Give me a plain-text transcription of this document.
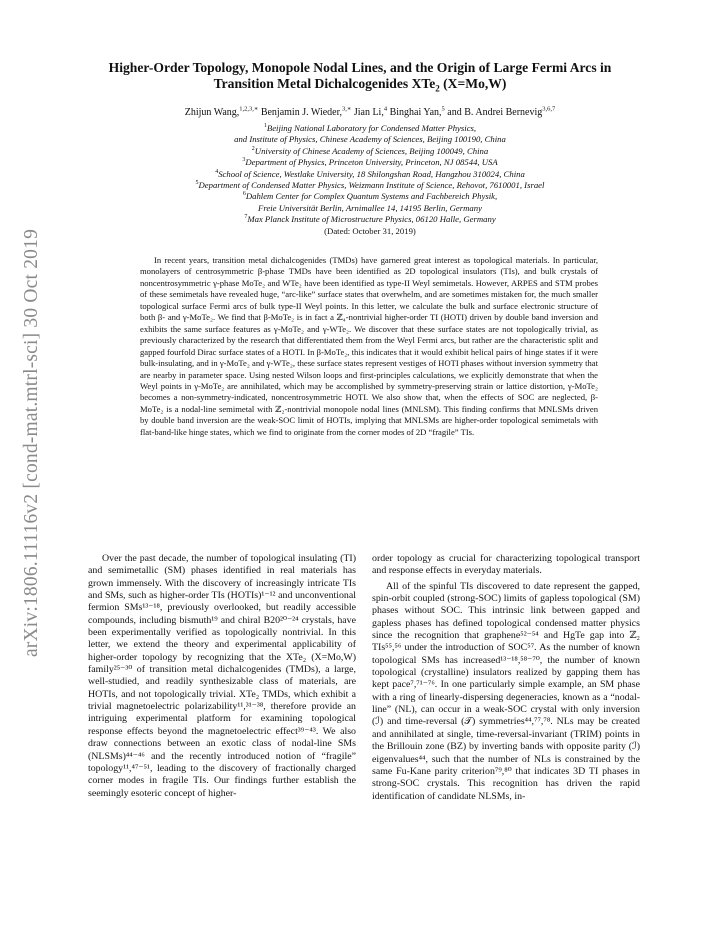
arXiv:1806.11116v2 [cond-mat.mtrl-sci] 30 Oct 2019
Higher-Order Topology, Monopole Nodal Lines, and the Origin of Large Fermi Arcs in
Transition Metal Dichalcogenides XTe$_2$ (X=Mo,W)

Zhijun Wang,$^{1,2,3,∗}$ Benjamin J. Wieder,$^{3,∗}$ Jian Li,$^4$ Binghai Yan,$^5$ and B. Andrei Bernevig$^{3,6,7}$

$^1$Beijing National Laboratory for Condensed Matter Physics,
and Institute of Physics, Chinese Academy of Sciences, Beijing 100190, China
$^2$University of Chinese Academy of Sciences, Beijing 100049, China
$^3$Department of Physics, Princeton University, Princeton, NJ 08544, USA
$^4$School of Science, Westlake University, 18 Shilongshan Road, Hangzhou 310024, China
$^5$Department of Condensed Matter Physics, Weizmann Institute of Science, Rehovot, 7610001, Israel
$^6$Dahlem Center for Complex Quantum Systems and Fachbereich Physik,
Freie Universität Berlin, Arnimallee 14, 14195 Berlin, Germany
$^7$Max Planck Institute of Microstructure Physics, 06120 Halle, Germany
(Dated: October 31, 2019)

In recent years, transition metal dichalcogenides (TMDs) have garnered great interest as topological materials. In particular, monolayers of centrosymmetric β-phase TMDs have been identified as 2D topological insulators (TIs), and bulk crystals of noncentrosymmetric γ-phase MoTe₂ and WTe₂ have been identified as type-II Weyl semimetals. However, ARPES and STM probes of these semimetals have revealed huge, “arc-like” surface states that overwhelm, and are sometimes mistaken for, the much smaller topological surface Fermi arcs of bulk type-II Weyl points. In this letter, we calculate the bulk and surface electronic structure of both β- and γ-MoTe₂. We find that β-MoTe₂ is in fact a ℤ₄-nontrivial higher-order TI (HOTI) driven by double band inversion and exhibits the same surface features as γ-MoTe₂ and γ-WTe₂. We discover that these surface states are not topologically trivial, as previously characterized by the research that differentiated them from the Weyl Fermi arcs, but rather are the characteristic split and gapped fourfold Dirac surface states of a HOTI. In β-MoTe₂, this indicates that it would exhibit helical pairs of hinge states if it were bulk-insulating, and in γ-MoTe₂ and γ-WTe₂, these surface states represent vestiges of HOTI phases without inversion symmetry that are nearby in parameter space. Using nested Wilson loops and first-principles calculations, we explicitly demonstrate that when the Weyl points in γ-MoTe₂ are annihilated, which may be accomplished by symmetry-preserving strain or lattice distortion, γ-MoTe₂ becomes a non-symmetry-indicated, noncentrosymmetric HOTI. We also show that, when the effects of SOC are neglected, β-MoTe₂ is a nodal-line semimetal with ℤ₂-nontrivial monopole nodal lines (MNLSM). This finding confirms that MNLSMs driven by double band inversion are the weak-SOC limit of HOTIs, implying that MNLSMs are higher-order topological semimetals with flat-band-like hinge states, which we find to originate from the corner modes of 2D “fragile” TIs.

Over the past decade, the number of topological insulating (TI) and semimetallic (SM) phases identified in real materials has grown immensely. With the discovery of increasingly intricate TIs and SMs, such as higher-order TIs (HOTIs)¹⁻¹² and unconventional fermion SMs¹³⁻¹⁸, previously overlooked, but readily accessible compounds, including bismuth¹⁹ and chiral B20²⁰⁻²⁴ crystals, have been experimentally verified as topologically nontrivial. In this letter, we extend the theory and experimental applicability of higher-order topology by recognizing that the XTe₂ (X=Mo,W) family²⁵⁻³⁰ of transition metal dichalcogenides (TMDs), a large, well-studied, and readily synthesizable class of materials, are HOTIs, and not topologically trivial. XTe₂ TMDs, which exhibit a trivial magnetoelectric polarizability¹¹,³¹⁻³⁸, therefore provide an intriguing experimental platform for examining topological response effects beyond the magnetoelectric effect³⁹⁻⁴³. We also draw connections between an exotic class of nodal-line SMs (NLSMs)⁴⁴⁻⁴⁶ and the recently introduced notion of “fragile” topology¹¹,⁴⁷⁻⁵¹, leading to the discovery of fractionally charged corner modes in fragile TIs. Our findings further establish the seemingly esoteric concept of higher-

order topology as crucial for characterizing topological transport and response effects in everyday materials.

All of the spinful TIs discovered to date represent the gapped, spin-orbit coupled (strong-SOC) limits of gapless topological (SM) phases without SOC. This intrinsic link between gapped and gapless phases has defined topological condensed matter physics since the recognition that graphene⁵²⁻⁵⁴ and HgTe gap into ℤ₂ TIs⁵⁵,⁵⁶ under the introduction of SOC⁵⁷. As the number of known topological SMs has increased¹³⁻¹⁸,⁵⁸⁻⁷⁰, the number of known topological (crystalline) insulators realized by gapping them has kept pace⁷,⁷¹⁻⁷⁶. In one particularly simple example, an SM phase with a ring of linearly-dispersing degeneracies, known as a “nodal-line” (NL), can occur in a weak-SOC crystal with only inversion (ℐ) and time-reversal (𝒯) symmetries⁴⁴,⁷⁷,⁷⁸. NLs may be created and annihilated at single, time-reversal-invariant (TRIM) points in the Brillouin zone (BZ) by inverting bands with opposite parity (ℐ) eigenvalues⁴⁴, such that the number of NLs is constrained by the same Fu-Kane parity criterion⁷⁹,⁸⁰ that indicates 3D TI phases in strong-SOC crystals. This recognition has driven the rapid identification of candidate NLSMs, in-
